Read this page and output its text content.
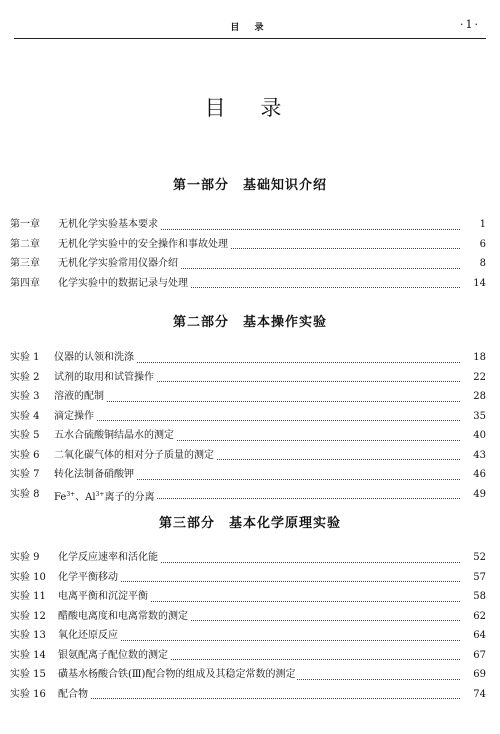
目 录	·1·
目 录
第一部分 基础知识介绍
第一章 无机化学实验基本要求	1
第二章 无机化学实验中的安全操作和事故处理	6
第三章 无机化学实验常用仪器介绍	8
第四章 化学实验中的数据记录与处理	14
第二部分 基本操作实验
实验 1 仪器的认领和洗涤	18
实验 2 试剂的取用和试管操作	22
实验 3 溶液的配制	28
实验 4 滴定操作	35
实验 5 五水合硫酸铜结晶水的测定	40
实验 6 二氧化碳气体的相对分子质量的测定	43
实验 7 转化法制备硝酸钾	46
实验 8 $Fe^{3+}$、$Al^{3+}$离子的分离	49
第三部分 基本化学原理实验
实验 9 化学反应速率和活化能	52
实验 10 化学平衡移动	57
实验 11 电离平衡和沉淀平衡	58
实验 12 醋酸电离度和电离常数的测定	62
实验 13 氧化还原反应	64
实验 14 银氨配离子配位数的测定	67
实验 15 磺基水杨酸合铁(Ⅲ)配合物的组成及其稳定常数的测定	69
实验 16 配合物	74
